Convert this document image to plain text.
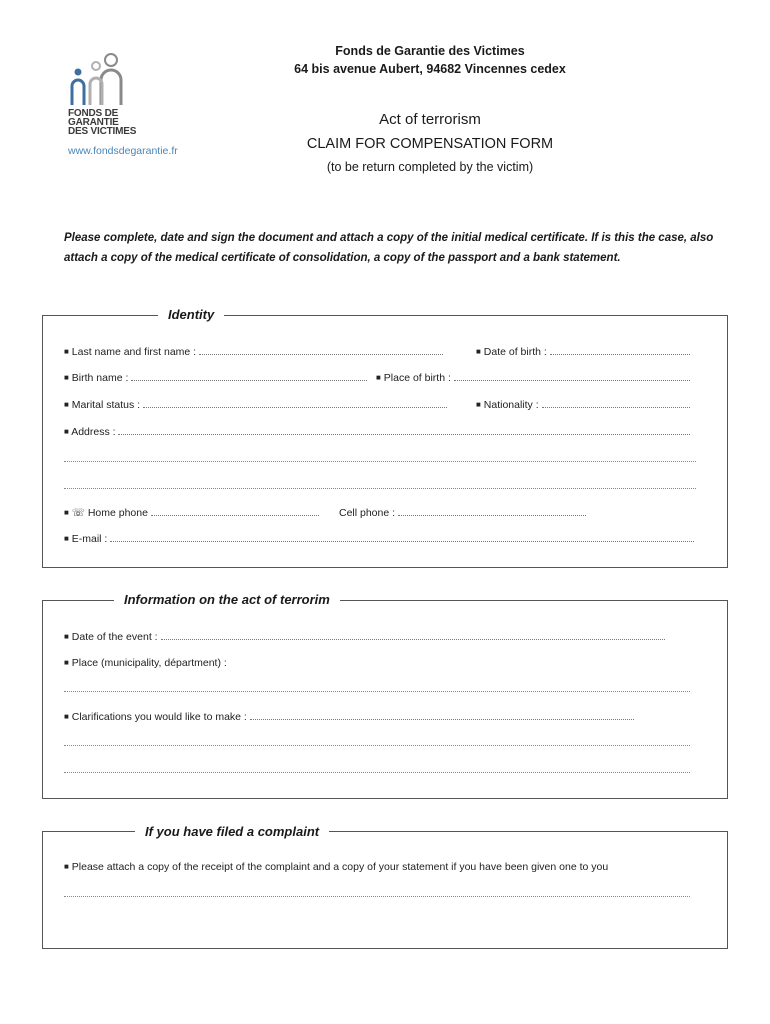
FONDS DE
GARANTIE
DES VICTIMES
www.fondsdegarantie.fr
Fonds de Garantie des Victimes
64 bis avenue Aubert, 94682 Vincennes cedex
Act of terrorism
CLAIM FOR COMPENSATION FORM
(to be return completed by the victim)
Please complete, date and sign the document and attach a copy of the initial medical certificate. If is this the case, also attach a copy of the medical certificate of consolidation, a copy of the passport and a bank statement.
Identity
■ Last name and first name :	■ Date of birth :
■ Birth name :	■ Place of birth :
■ Marital status :	■ Nationality :
■ Address :
■ ☏ Home phone	Cell phone :
■ E-mail :
Information on the act of terrorim
■ Date of the event :
■ Place (municipality, départment) :
■ Clarifications you would like to make :
If you have filed a complaint
■ Please attach a copy of the receipt of the complaint and a copy of your statement if you have been given one to you
